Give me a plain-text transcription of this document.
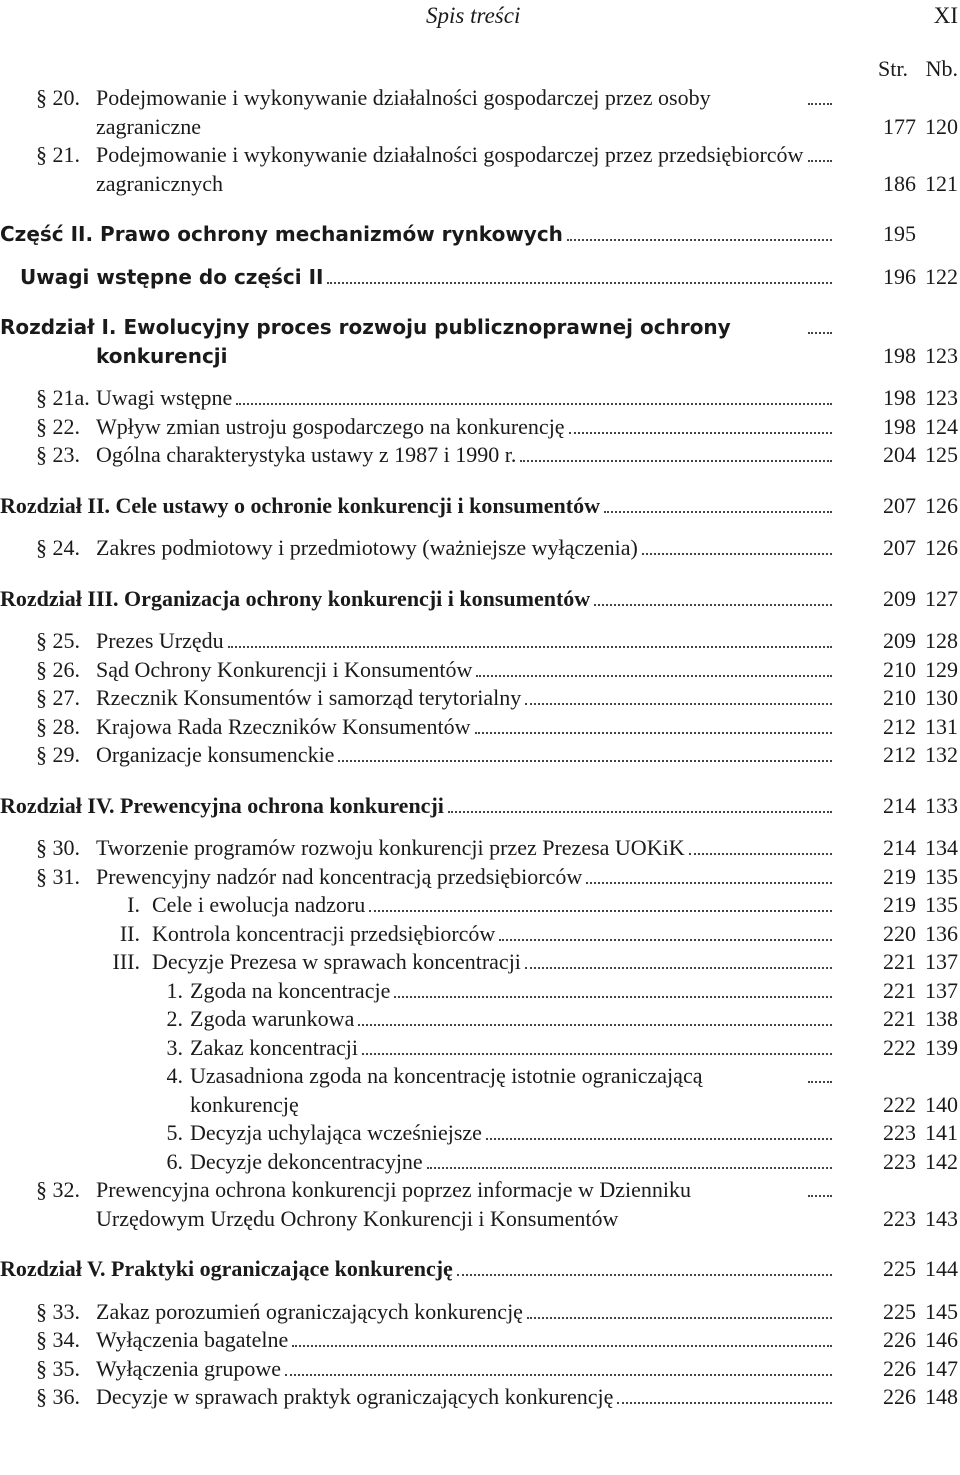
Spis treści	XI
Str. Nb.
§ 20. Podejmowanie i wykonywanie działalności gospodarczej przez osoby zagraniczne	177 120
§ 21. Podejmowanie i wykonywanie działalności gospodarczej przez przedsiębiorców zagranicznych	186 121
Część II. Prawo ochrony mechanizmów rynkowych	195
Uwagi wstępne do części II	196 122
Rozdział I. Ewolucyjny proces rozwoju publicznoprawnej ochrony konkurencji	198 123
§ 21a. Uwagi wstępne	198 123
§ 22. Wpływ zmian ustroju gospodarczego na konkurencję	198 124
§ 23. Ogólna charakterystyka ustawy z 1987 i 1990 r.	204 125
Rozdział II. Cele ustawy o ochronie konkurencji i konsumentów	207 126
§ 24. Zakres podmiotowy i przedmiotowy (ważniejsze wyłączenia)	207 126
Rozdział III. Organizacja ochrony konkurencji i konsumentów	209 127
§ 25. Prezes Urzędu	209 128
§ 26. Sąd Ochrony Konkurencji i Konsumentów	210 129
§ 27. Rzecznik Konsumentów i samorząd terytorialny	210 130
§ 28. Krajowa Rada Rzeczników Konsumentów	212 131
§ 29. Organizacje konsumenckie	212 132
Rozdział IV. Prewencyjna ochrona konkurencji	214 133
§ 30. Tworzenie programów rozwoju konkurencji przez Prezesa UOKiK	214 134
§ 31. Prewencyjny nadzór nad koncentracją przedsiębiorców	219 135
I. Cele i ewolucja nadzoru	219 135
II. Kontrola koncentracji przedsiębiorców	220 136
III. Decyzje Prezesa w sprawach koncentracji	221 137
1. Zgoda na koncentracje	221 137
2. Zgoda warunkowa	221 138
3. Zakaz koncentracji	222 139
4. Uzasadniona zgoda na koncentrację istotnie ograniczającą konkurencję	222 140
5. Decyzja uchylająca wcześniejsze	223 141
6. Decyzje dekoncentracyjne	223 142
§ 32. Prewencyjna ochrona konkurencji poprzez informacje w Dzienniku Urzędowym Urzędu Ochrony Konkurencji i Konsumentów	223 143
Rozdział V. Praktyki ograniczające konkurencję	225 144
§ 33. Zakaz porozumień ograniczających konkurencję	225 145
§ 34. Wyłączenia bagatelne	226 146
§ 35. Wyłączenia grupowe	226 147
§ 36. Decyzje w sprawach praktyk ograniczających konkurencję	226 148
